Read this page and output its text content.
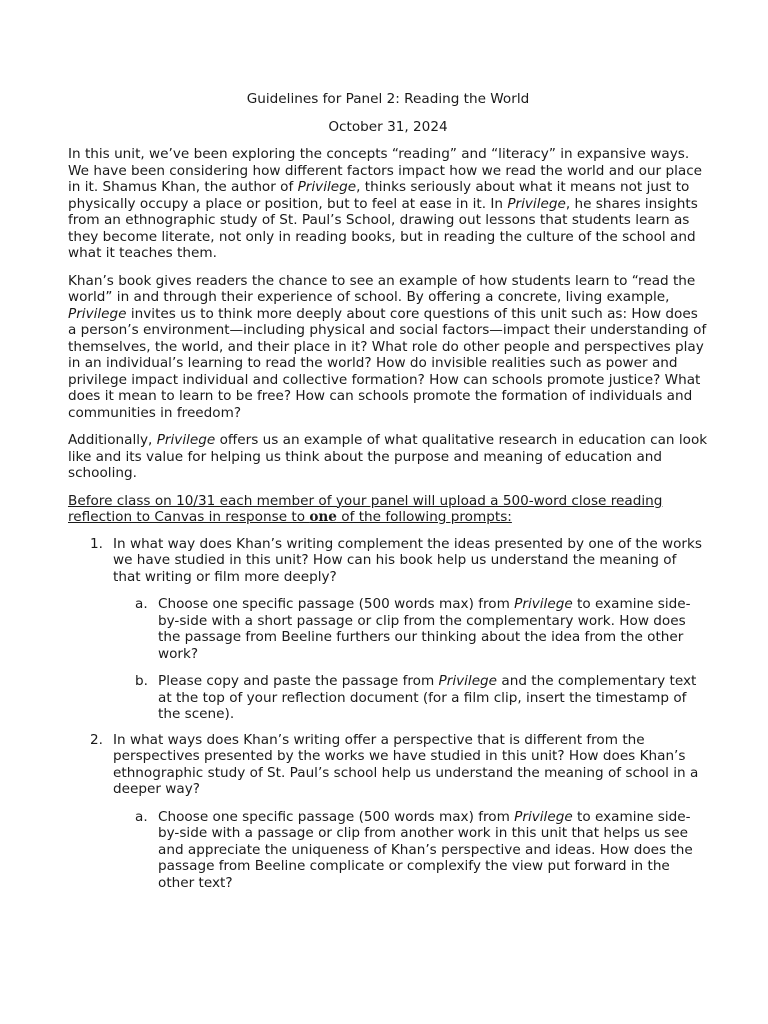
Guidelines for Panel 2: Reading the World
October 31, 2024

In this unit, we’ve been exploring the concepts “reading” and “literacy” in expansive ways. We have been considering how different factors impact how we read the world and our place in it. Shamus Khan, the author of Privilege, thinks seriously about what it means not just to physically occupy a place or position, but to feel at ease in it. In Privilege, he shares insights from an ethnographic study of St. Paul’s School, drawing out lessons that students learn as they become literate, not only in reading books, but in reading the culture of the school and what it teaches them.

Khan’s book gives readers the chance to see an example of how students learn to “read the world” in and through their experience of school. By offering a concrete, living example, Privilege invites us to think more deeply about core questions of this unit such as: How does a person’s environment—including physical and social factors—impact their understanding of themselves, the world, and their place in it? What role do other people and perspectives play in an individual’s learning to read the world? How do invisible realities such as power and privilege impact individual and collective formation? How can schools promote justice? What does it mean to learn to be free? How can schools promote the formation of individuals and communities in freedom?

Additionally, Privilege offers us an example of what qualitative research in education can look like and its value for helping us think about the purpose and meaning of education and schooling.

Before class on 10/31 each member of your panel will upload a 500-word close reading reflection to Canvas in response to one of the following prompts:

1. In what way does Khan’s writing complement the ideas presented by one of the works we have studied in this unit? How can his book help us understand the meaning of that writing or film more deeply?
a. Choose one specific passage (500 words max) from Privilege to examine side-by-side with a short passage or clip from the complementary work. How does the passage from Beeline furthers our thinking about the idea from the other work?
b. Please copy and paste the passage from Privilege and the complementary text at the top of your reflection document (for a film clip, insert the timestamp of the scene).
2. In what ways does Khan’s writing offer a perspective that is different from the perspectives presented by the works we have studied in this unit? How does Khan’s ethnographic study of St. Paul’s school help us understand the meaning of school in a deeper way?
a. Choose one specific passage (500 words max) from Privilege to examine side-by-side with a passage or clip from another work in this unit that helps us see and appreciate the uniqueness of Khan’s perspective and ideas. How does the passage from Beeline complicate or complexify the view put forward in the other text?
